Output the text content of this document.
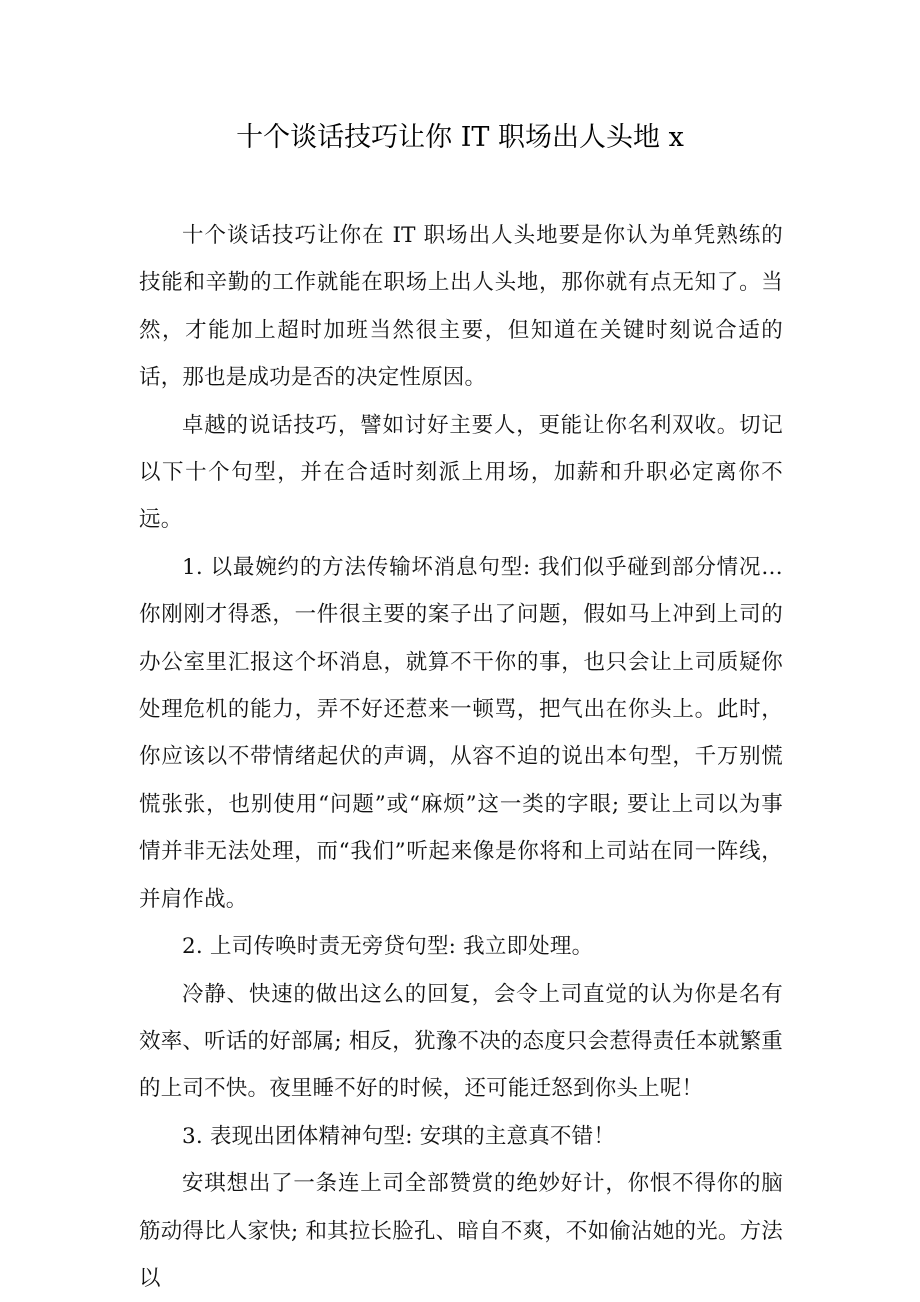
十个谈话技巧让你 IT 职场出人头地 x

十个谈话技巧让你在 IT 职场出人头地要是你认为单凭熟练的技能和辛勤的工作就能在职场上出人头地，那你就有点无知了。当然，才能加上超时加班当然很主要，但知道在关键时刻说合适的话，那也是成功是否的决定性原因。

卓越的说话技巧，譬如讨好主要人，更能让你名利双收。切记以下十个句型，并在合适时刻派上用场，加薪和升职必定离你不远。

1. 以最婉约的方法传输坏消息句型: 我们似乎碰到部分情况…你刚刚才得悉，一件很主要的案子出了问题，假如马上冲到上司的办公室里汇报这个坏消息，就算不干你的事，也只会让上司质疑你处理危机的能力，弄不好还惹来一顿骂，把气出在你头上。此时，你应该以不带情绪起伏的声调，从容不迫的说出本句型，千万别慌慌张张，也别使用“问题”或“麻烦”这一类的字眼; 要让上司以为事情并非无法处理，而“我们”听起来像是你将和上司站在同一阵线，并肩作战。

2. 上司传唤时责无旁贷句型: 我立即处理。

冷静、快速的做出这么的回复，会令上司直觉的认为你是名有效率、听话的好部属; 相反，犹豫不决的态度只会惹得责任本就繁重的上司不快。夜里睡不好的时候，还可能迁怒到你头上呢！

3. 表现出团体精神句型: 安琪的主意真不错！

安琪想出了一条连上司全部赞赏的绝妙好计，你恨不得你的脑筋动得比人家快; 和其拉长脸孔、暗自不爽，不如偷沾她的光。方法以
